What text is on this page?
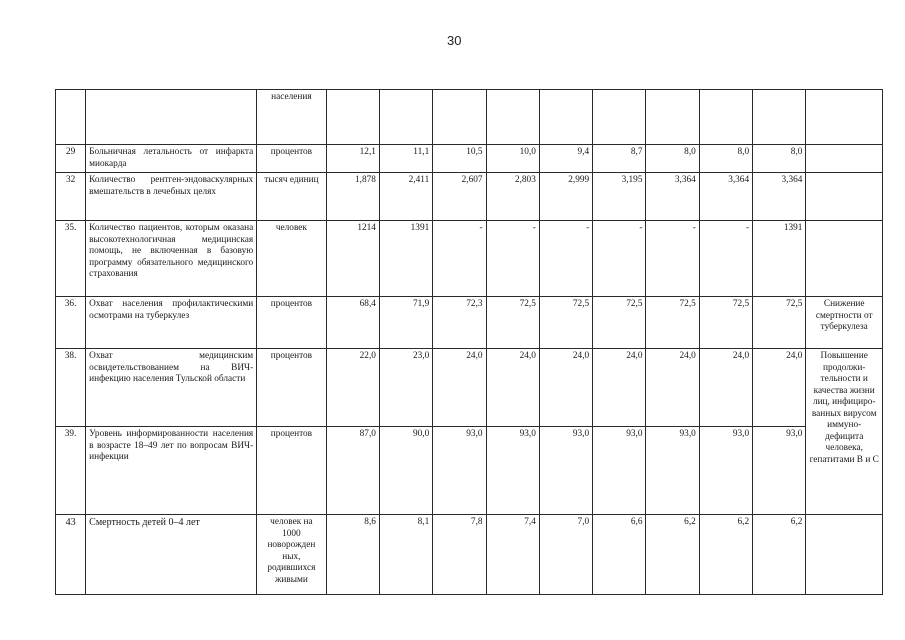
30
		населения										
29	Больничная летальность от инфаркта миокарда	процентов	12,1	11,1	10,5	10,0	9,4	8,7	8,0	8,0	8,0	
32	Количество рентген-эндоваскулярных вмешательств в лечебных целях	тысяч единиц	1,878	2,411	2,607	2,803	2,999	3,195	3,364	3,364	3,364	
35.	Количество пациентов, которым оказана высокотехнологичная медицинская помощь, не включенная в базовую программу обязательного медицинского страхования	человек	1214	1391	-	-	-	-	-	-	1391	
36.	Охват населения профилактическими осмотрами на туберкулез	процентов	68,4	71,9	72,3	72,5	72,5	72,5	72,5	72,5	72,5	Снижение смертности от туберкулеза
38.	Охват медицинским освидетельствованием на ВИЧ-инфекцию населения Тульской области	процентов	22,0	23,0	24,0	24,0	24,0	24,0	24,0	24,0	24,0	Повышение продолжи-тельности и качества жизни лиц, инфициро-ванных вирусом иммуно-дефицита человека, гепатитами В и С
39.	Уровень информированности населения в возрасте 18–49 лет по вопросам ВИЧ-инфекции	процентов	87,0	90,0	93,0	93,0	93,0	93,0	93,0	93,0	93,0	
43	Смертность детей 0–4 лет	человек на 1000 новорожден ных, родившихся живыми	8,6	8,1	7,8	7,4	7,0	6,6	6,2	6,2	6,2	
